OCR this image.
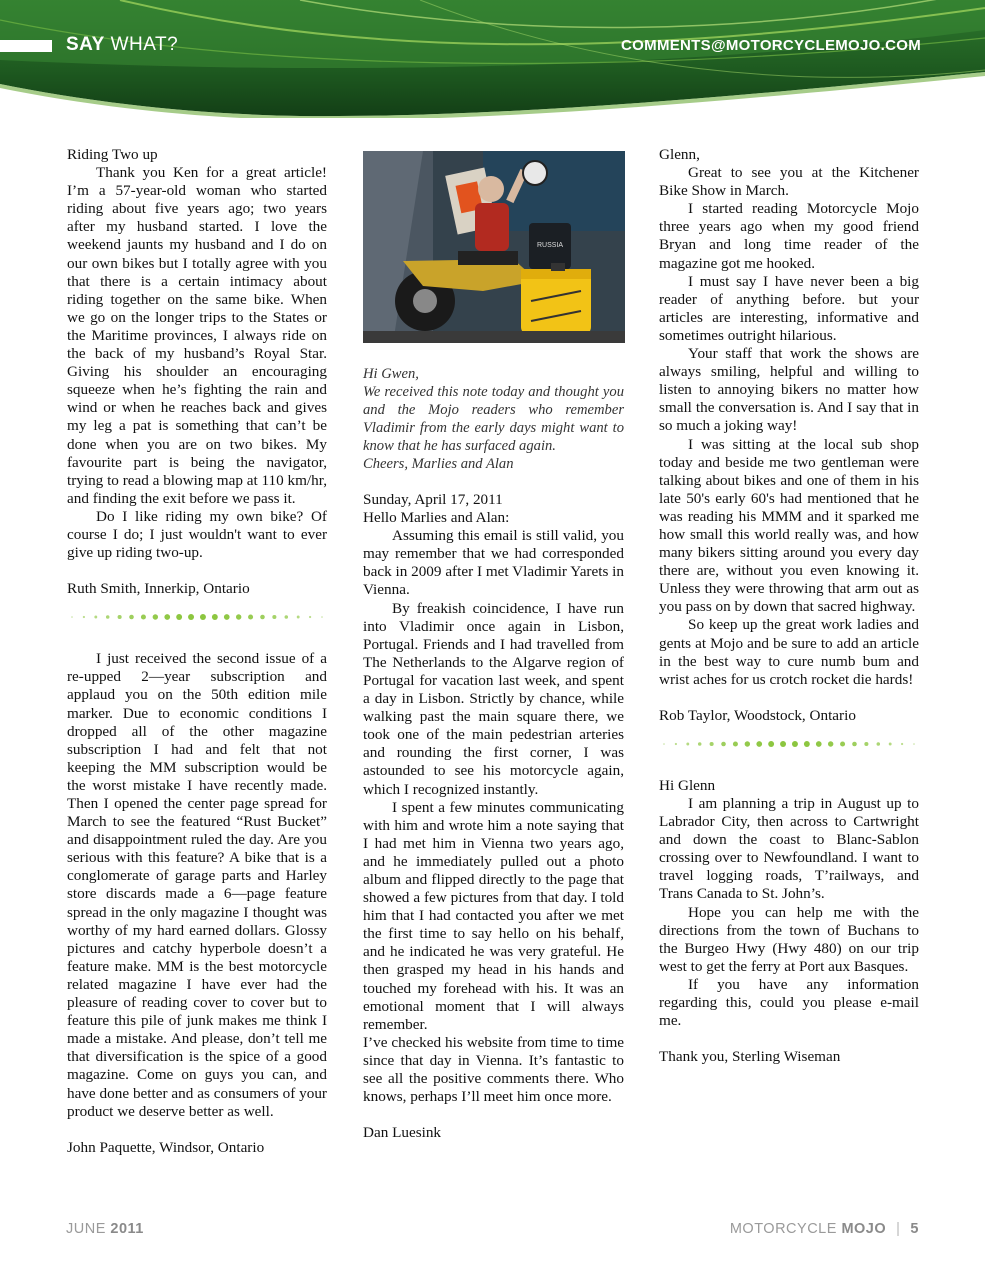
SAY WHAT?	COMMENTS@MOTORCYCLEMOJO.COM

Riding Two up

Thank you Ken for a great article! I’m a 57-year-old woman who started riding about five years ago; two years after my husband started. I love the weekend jaunts my husband and I do on our own bikes but I totally agree with you that there is a certain intimacy about riding together on the same bike. When we go on the longer trips to the States or the Maritime provinces, I always ride on the back of my husband’s Royal Star. Giving his shoulder an encouraging squeeze when he’s fighting the rain and wind or when he reaches back and gives my leg a pat is something that can’t be done when you are on two bikes. My favourite part is being the navigator, trying to read a blowing map at 110 km/hr, and finding the exit before we pass it.

Do I like riding my own bike? Of course I do; I just wouldn't want to ever give up riding two-up.

Ruth Smith, Innerkip, Ontario

I just received the second issue of a re-upped 2—year subscription and applaud you on the 50th edition mile marker. Due to economic conditions I dropped all of the other magazine subscription I had and felt that not keeping the MM subscription would be the worst mistake I have recently made. Then I opened the center page spread for March to see the featured “Rust Bucket” and disappointment ruled the day. Are you serious with this feature? A bike that is a conglomerate of garage parts and Harley store discards made a 6—page feature spread in the only magazine I thought was worthy of my hard earned dollars. Glossy pictures and catchy hyperbole doesn’t a feature make. MM is the best motorcycle related magazine I have ever had the pleasure of reading cover to cover but to feature this pile of junk makes me think I made a mistake. And please, don’t tell me that diversification is the spice of a good magazine. Come on guys you can, and have done better and as consumers of your product we deserve better as well.

John Paquette, Windsor, Ontario

RUSSIA

Hi Gwen,

We received this note today and thought you and the Mojo readers who remember Vladimir from the early days might want to know that he has surfaced again.

Cheers, Marlies and Alan

Sunday, April 17, 2011

Hello Marlies and Alan:

Assuming this email is still valid, you may remember that we had corresponded back in 2009 after I met Vladimir Yarets in Vienna.

By freakish coincidence, I have run into Vladimir once again in Lisbon, Portugal. Friends and I had travelled from The Netherlands to the Algarve region of Portugal for vacation last week, and spent a day in Lisbon. Strictly by chance, while walking past the main square there, we took one of the main pedestrian arteries and rounding the first corner, I was astounded to see his motorcycle again, which I recognized instantly.

I spent a few minutes communicating with him and wrote him a note saying that I had met him in Vienna two years ago, and he immediately pulled out a photo album and flipped directly to the page that showed a few pictures from that day. I told him that I had contacted you after we met the first time to say hello on his behalf, and he indicated he was very grateful. He then grasped my head in his hands and touched my forehead with his. It was an emotional moment that I will always remember.

I’ve checked his website from time to time since that day in Vienna. It’s fantastic to see all the positive comments there. Who knows, perhaps I’ll meet him once more.

Dan Luesink

Glenn,

Great to see you at the Kitchener Bike Show in March.

I started reading Motorcycle Mojo three years ago when my good friend Bryan and long time reader of the magazine got me hooked.

I must say I have never been a big reader of anything before. but your articles are interesting, informative and sometimes outright hilarious.

Your staff that work the shows are always smiling, helpful and willing to listen to annoying bikers no matter how small the conversation is. And I say that in so much a joking way!

I was sitting at the local sub shop today and beside me two gentleman were talking about bikes and one of them in his late 50's early 60's had mentioned that he was reading his MMM and it sparked me how small this world really was, and how many bikers sitting around you every day there are, without you even knowing it. Unless they were throwing that arm out as you pass on by down that sacred highway.

So keep up the great work ladies and gents at Mojo and be sure to add an article in the best way to cure numb bum and wrist aches for us crotch rocket die hards!

Rob Taylor, Woodstock, Ontario

Hi Glenn

I am planning a trip in August up to Labrador City, then across to Cartwright and down the coast to Blanc-Sablon crossing over to Newfoundland. I want to travel logging roads, T’railways, and Trans Canada to St. John’s.

Hope you can help me with the directions from the town of Buchans to the Burgeo Hwy (Hwy 480) on our trip west to get the ferry at Port aux Basques.

If you have any information regarding this, could you please e-mail me.

Thank you, Sterling Wiseman

JUNE 2011	MOTORCYCLE MOJO | 5
